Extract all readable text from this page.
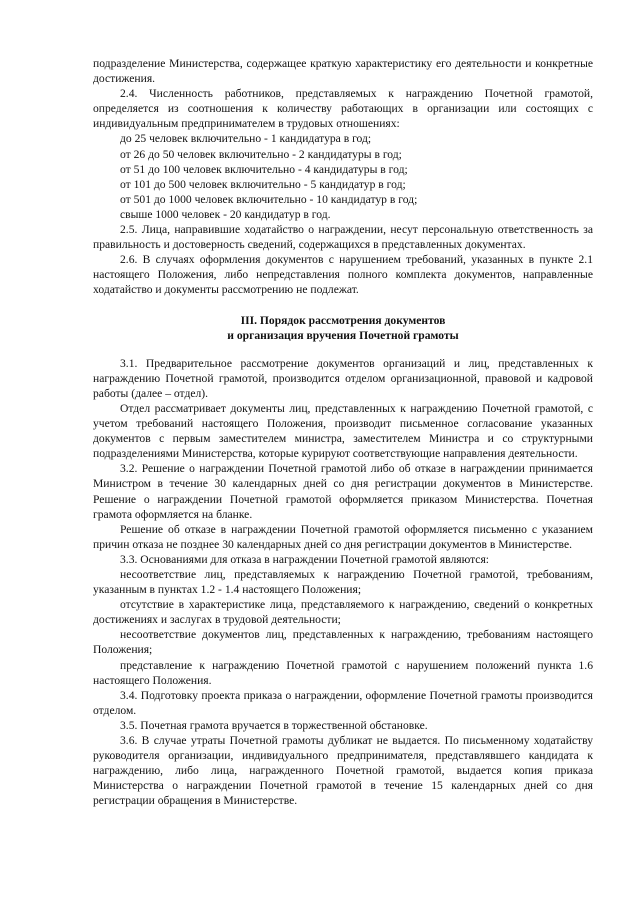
подразделение Министерства, содержащее краткую характеристику его деятельности и конкретные достижения.

2.4. Численность работников, представляемых к награждению Почетной грамотой, определяется из соотношения к количеству работающих в организации или состоящих с индивидуальным предпринимателем в трудовых отношениях:

до 25 человек включительно - 1 кандидатура в год;
от 26 до 50 человек включительно - 2 кандидатуры в год;
от 51 до 100 человек включительно - 4 кандидатуры в год;
от 101 до 500 человек включительно - 5 кандидатур в год;
от 501 до 1000 человек включительно - 10 кандидатур в год;
свыше 1000 человек - 20 кандидатур в год.

2.5. Лица, направившие ходатайство о награждении, несут персональную ответственность за правильность и достоверность сведений, содержащихся в представленных документах.

2.6. В случаях оформления документов с нарушением требований, указанных в пункте 2.1 настоящего Положения, либо непредставления полного комплекта документов, направленные ходатайство и документы рассмотрению не подлежат.

III. Порядок рассмотрения документов
и организация вручения Почетной грамоты

3.1. Предварительное рассмотрение документов организаций и лиц, представленных к награждению Почетной грамотой, производится отделом организационной, правовой и кадровой работы (далее – отдел).

Отдел рассматривает документы лиц, представленных к награждению Почетной грамотой, с учетом требований настоящего Положения, производит письменное согласование указанных документов с первым заместителем министра, заместителем Министра и со структурными подразделениями Министерства, которые курируют соответствующие направления деятельности.

3.2. Решение о награждении Почетной грамотой либо об отказе в награждении принимается Министром в течение 30 календарных дней со дня регистрации документов в Министерстве. Решение о награждении Почетной грамотой оформляется приказом Министерства. Почетная грамота оформляется на бланке.

Решение об отказе в награждении Почетной грамотой оформляется письменно с указанием причин отказа не позднее 30 календарных дней со дня регистрации документов в Министерстве.

3.3. Основаниями для отказа в награждении Почетной грамотой являются:

несоответствие лиц, представляемых к награждению Почетной грамотой, требованиям, указанным в пунктах 1.2 - 1.4 настоящего Положения;

отсутствие в характеристике лица, представляемого к награждению, сведений о конкретных достижениях и заслугах в трудовой деятельности;

несоответствие документов лиц, представленных к награждению, требованиям настоящего Положения;

представление к награждению Почетной грамотой с нарушением положений пункта 1.6 настоящего Положения.

3.4. Подготовку проекта приказа о награждении, оформление Почетной грамоты производится отделом.

3.5. Почетная грамота вручается в торжественной обстановке.

3.6. В случае утраты Почетной грамоты дубликат не выдается. По письменному ходатайству руководителя организации, индивидуального предпринимателя, представлявшего кандидата к награждению, либо лица, награжденного Почетной грамотой, выдается копия приказа Министерства о награждении Почетной грамотой в течение 15 календарных дней со дня регистрации обращения в Министерстве.
